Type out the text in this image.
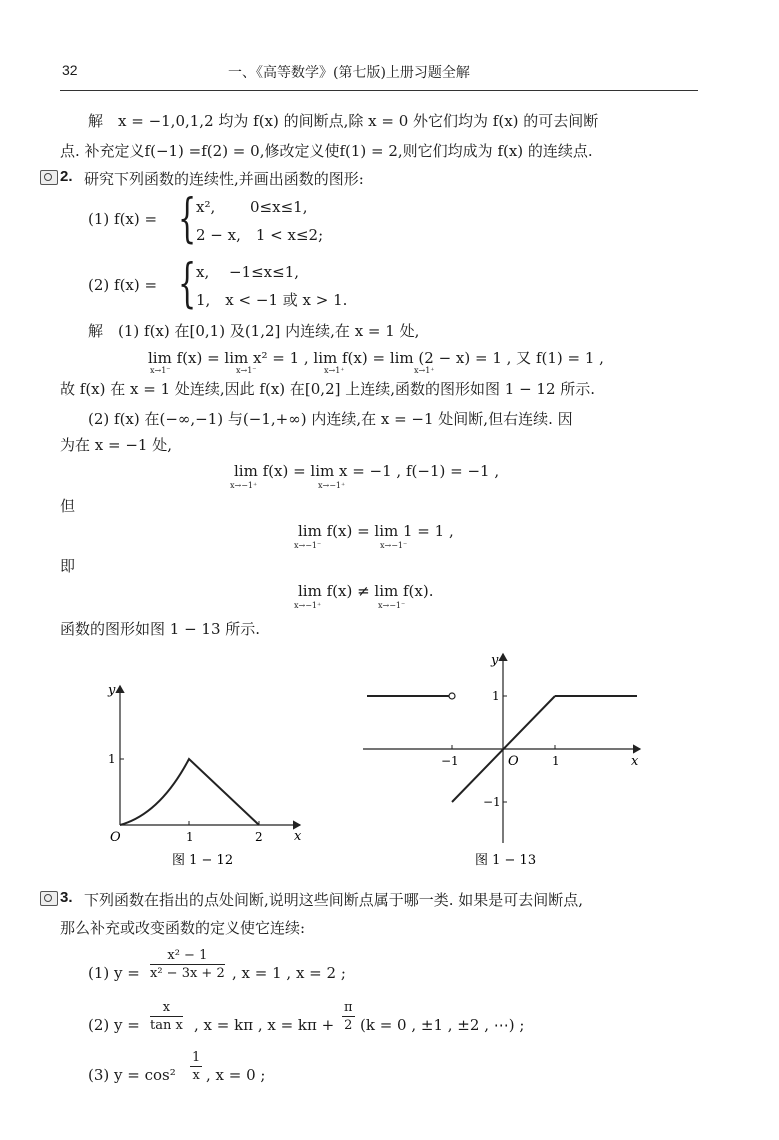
32	一、《高等数学》(第七版)上册习题全解
解　x = −1,0,1,2 均为 f(x) 的间断点,除 x = 0 外它们均为 f(x) 的可去间断
点. 补充定义f(−1) =f(2) = 0,修改定义使f(1) = 2,则它们均成为 f(x) 的连续点.
2. 研究下列函数的连续性,并画出函数的图形:
(1) f(x) = { x²,　　 0≤x≤1,
2 − x,　1 < x≤2;
(2) f(x) = { x,　 −1≤x≤1,
1,　x < −1 或 x > 1.
解　(1) f(x) 在[0,1) 及(1,2] 内连续,在 x = 1 处,
lim f(x) = lim x² = 1 , lim f(x) = lim (2 − x) = 1 , 又 f(1) = 1 ,
x→1⁻	x→1⁻	x→1⁺	x→1⁺
故 f(x) 在 x = 1 处连续,因此 f(x) 在[0,2] 上连续,函数的图形如图 1 − 12 所示.
(2) f(x) 在(−∞,−1) 与(−1,+∞) 内连续,在 x = −1 处间断,但右连续. 因
为在 x = −1 处,
lim f(x) = lim x = −1 , f(−1) = −1 ,
x→−1⁺	x→−1⁺
但
lim f(x) = lim 1 = 1 ,
x→−1⁻	x→−1⁻
即
lim f(x) ≠ lim f(x).
x→−1⁺	x→−1⁻
函数的图形如图 1 − 13 所示.
y
x
O	1	2
1
图 1 − 12
y
x
O
−1	1
1
−1
图 1 − 13
3. 下列函数在指出的点处间断,说明这些间断点属于哪一类. 如果是可去间断点,
那么补充或改变函数的定义使它连续:
(1) $y = \frac{\text{x² − 1}}{\text{x² − 3x + 2}}$ , x = 1 , x = 2 ;
(2) $y = \frac{x}{\text{tan x}}$ , x = kπ , $x = k\pi + \frac{\pi}{2} (k = 0$ , ±1 , ±2 , ⋯) ;
(3) $y = \cos^2 \frac{1}{x}$ , x = 0 ;
